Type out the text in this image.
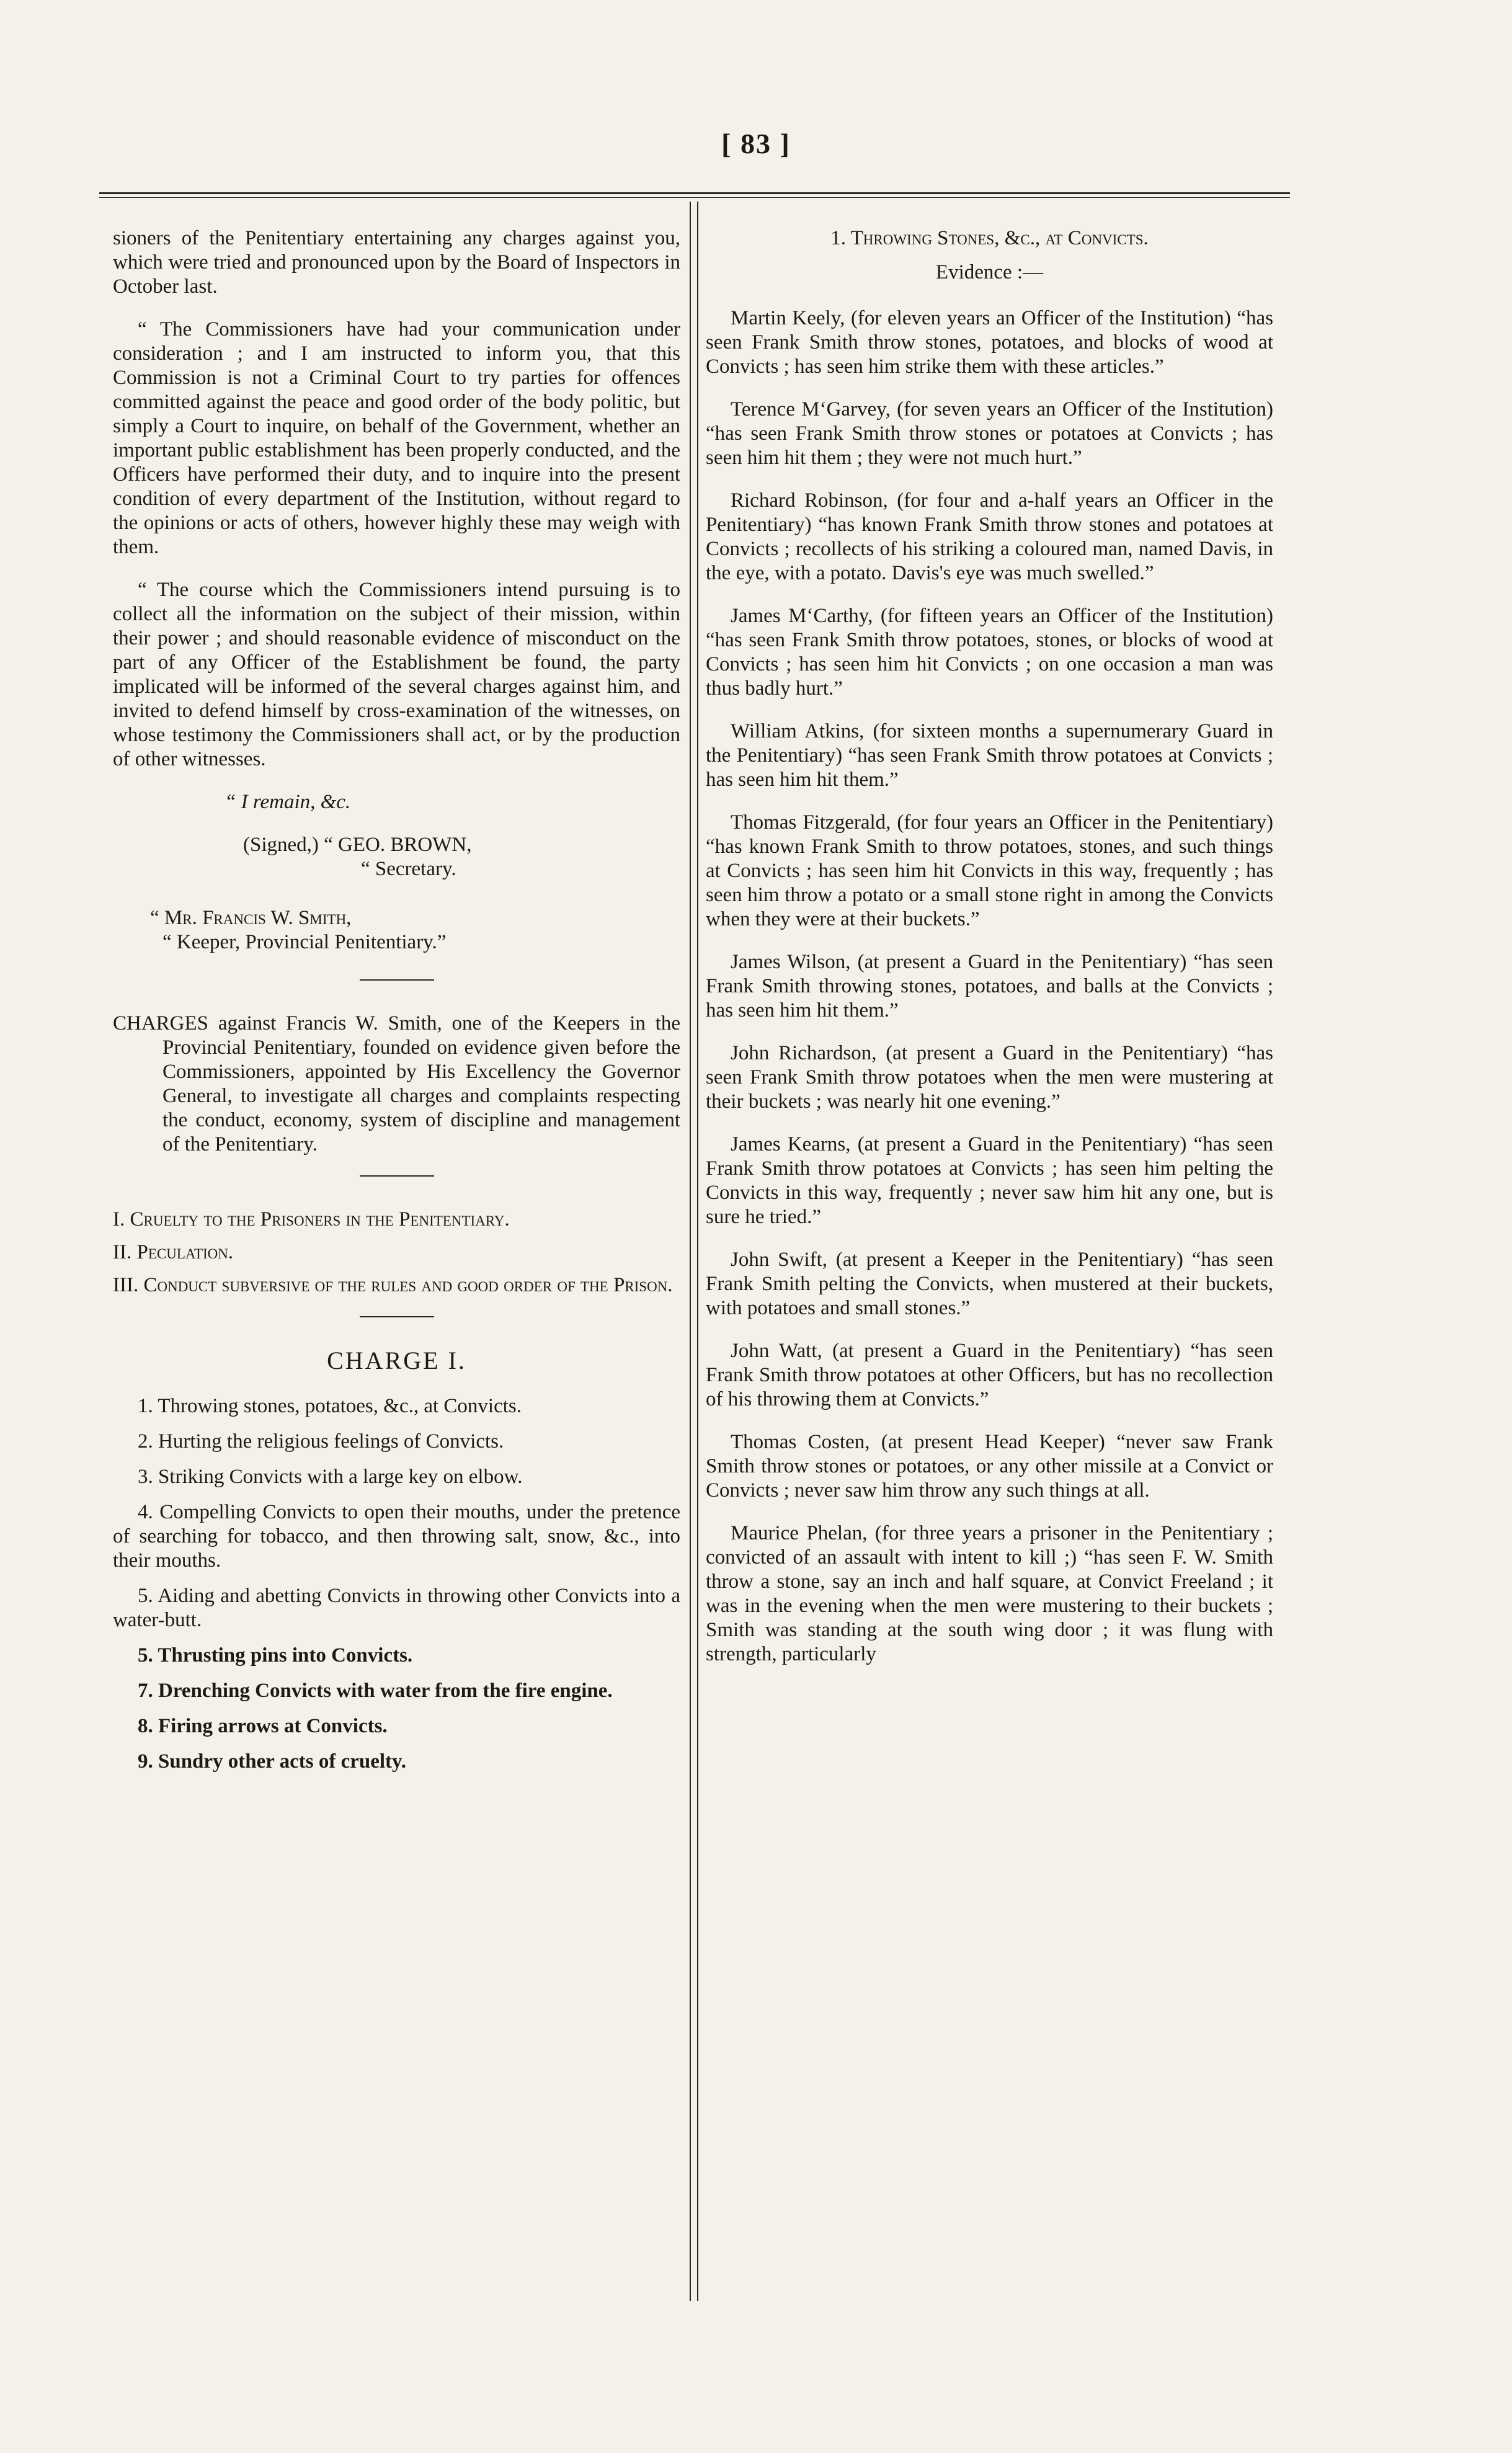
[ 83 ]

sioners of the Penitentiary entertaining any charges against you, which were tried and pronounced upon by the Board of Inspectors in October last.

“ The Commissioners have had your communication under consideration ; and I am instructed to inform you, that this Commission is not a Criminal Court to try parties for offences committed against the peace and good order of the body politic, but simply a Court to inquire, on behalf of the Government, whether an important public establishment has been properly conducted, and the Officers have performed their duty, and to inquire into the present condition of every department of the Institution, without regard to the opinions or acts of others, however highly these may weigh with them.

“ The course which the Commissioners intend pursuing is to collect all the information on the subject of their mission, within their power ; and should reasonable evidence of misconduct on the part of any Officer of the Establishment be found, the party implicated will be informed of the several charges against him, and invited to defend himself by cross-examination of the witnesses, on whose testimony the Commissioners shall act, or by the production of other witnesses.

“ I remain, &c.

(Signed,) “ GEO. BROWN,

“ Secretary.

“ Mr. Francis W. Smith,

“ Keeper, Provincial Penitentiary.”

CHARGES against Francis W. Smith, one of the Keepers in the Provincial Penitentiary, founded on evidence given before the Commissioners, appointed by His Excellency the Governor General, to investigate all charges and complaints respecting the conduct, economy, system of discipline and management of the Penitentiary.

I. Cruelty to the Prisoners in the Penitentiary.

II. Peculation.

III. Conduct subversive of the rules and good order of the Prison.

CHARGE I.

1. Throwing stones, potatoes, &c., at Convicts.

2. Hurting the religious feelings of Convicts.

3. Striking Convicts with a large key on elbow.

4. Compelling Convicts to open their mouths, under the pretence of searching for tobacco, and then throwing salt, snow, &c., into their mouths.

5. Aiding and abetting Convicts in throwing other Convicts into a water-butt.

5. Thrusting pins into Convicts.

7. Drenching Convicts with water from the fire engine.

8. Firing arrows at Convicts.

9. Sundry other acts of cruelty.

1. Throwing Stones, &c., at Convicts.

Evidence :—

Martin Keely, (for eleven years an Officer of the Institution) “has seen Frank Smith throw stones, potatoes, and blocks of wood at Convicts ; has seen him strike them with these articles.”

Terence M‘Garvey, (for seven years an Officer of the Institution) “has seen Frank Smith throw stones or potatoes at Convicts ; has seen him hit them ; they were not much hurt.”

Richard Robinson, (for four and a-half years an Officer in the Penitentiary) “has known Frank Smith throw stones and potatoes at Convicts ; recollects of his striking a coloured man, named Davis, in the eye, with a potato. Davis's eye was much swelled.”

James M‘Carthy, (for fifteen years an Officer of the Institution) “has seen Frank Smith throw potatoes, stones, or blocks of wood at Convicts ; has seen him hit Convicts ; on one occasion a man was thus badly hurt.”

William Atkins, (for sixteen months a supernumerary Guard in the Penitentiary) “has seen Frank Smith throw potatoes at Convicts ; has seen him hit them.”

Thomas Fitzgerald, (for four years an Officer in the Penitentiary) “has known Frank Smith to throw potatoes, stones, and such things at Convicts ; has seen him hit Convicts in this way, frequently ; has seen him throw a potato or a small stone right in among the Convicts when they were at their buckets.”

James Wilson, (at present a Guard in the Penitentiary) “has seen Frank Smith throwing stones, potatoes, and balls at the Convicts ; has seen him hit them.”

John Richardson, (at present a Guard in the Penitentiary) “has seen Frank Smith throw potatoes when the men were mustering at their buckets ; was nearly hit one evening.”

James Kearns, (at present a Guard in the Penitentiary) “has seen Frank Smith throw potatoes at Convicts ; has seen him pelting the Convicts in this way, frequently ; never saw him hit any one, but is sure he tried.”

John Swift, (at present a Keeper in the Penitentiary) “has seen Frank Smith pelting the Convicts, when mustered at their buckets, with potatoes and small stones.”

John Watt, (at present a Guard in the Penitentiary) “has seen Frank Smith throw potatoes at other Officers, but has no recollection of his throwing them at Convicts.”

Thomas Costen, (at present Head Keeper) “never saw Frank Smith throw stones or potatoes, or any other missile at a Convict or Convicts ; never saw him throw any such things at all.

Maurice Phelan, (for three years a prisoner in the Penitentiary ; convicted of an assault with intent to kill ;) “has seen F. W. Smith throw a stone, say an inch and half square, at Convict Freeland ; it was in the evening when the men were mustering to their buckets ; Smith was standing at the south wing door ; it was flung with strength, particularly
